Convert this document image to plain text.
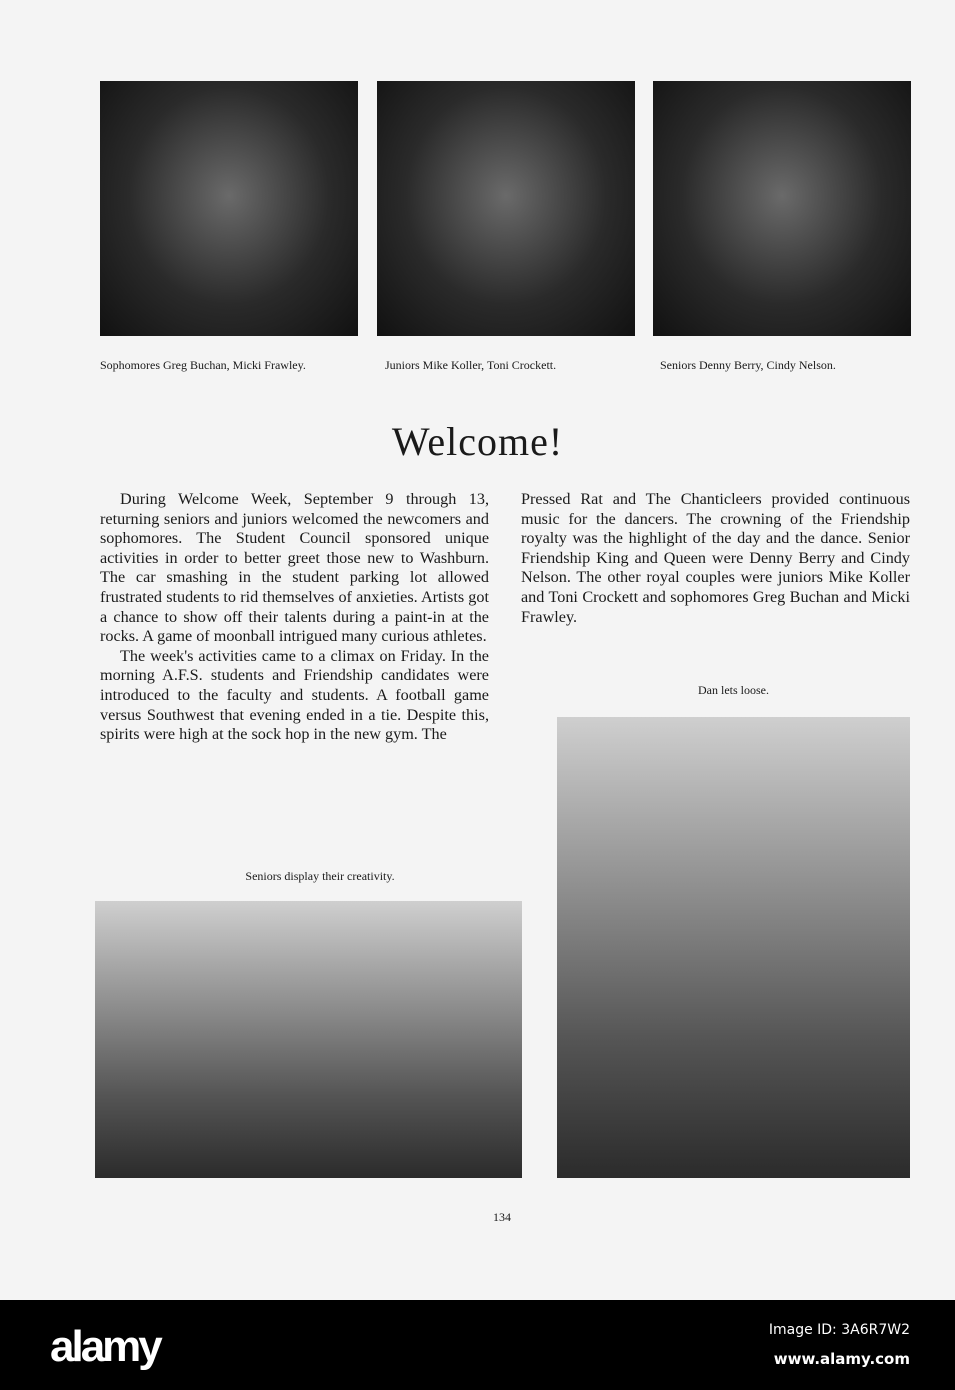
Sophomores Greg Buchan, Micki Frawley.	Juniors Mike Koller, Toni Crockett.	Seniors Denny Berry, Cindy Nelson.
Welcome!

During Welcome Week, September 9 through 13, returning seniors and juniors welcomed the newcomers and sophomores. The Student Council sponsored unique activities in order to better greet those new to Washburn. The car smashing in the student parking lot allowed frustrated students to rid themselves of anxieties. Artists got a chance to show off their talents during a paint-in at the rocks. A game of moonball intrigued many curious athletes.

The week's activities came to a climax on Friday. In the morning A.F.S. students and Friendship candidates were introduced to the faculty and students. A football game versus Southwest that evening ended in a tie. Despite this, spirits were high at the sock hop in the new gym. The

Pressed Rat and The Chanticleers provided continuous music for the dancers. The crowning of the Friendship royalty was the highlight of the day and the dance. Senior Friendship King and Queen were Denny Berry and Cindy Nelson. The other royal couples were juniors Mike Koller and Toni Crockett and sophomores Greg Buchan and Micki Frawley.

Seniors display their creativity.
Dan lets loose.
134
alamy	Image ID: 3A6R7W2
www.alamy.com
